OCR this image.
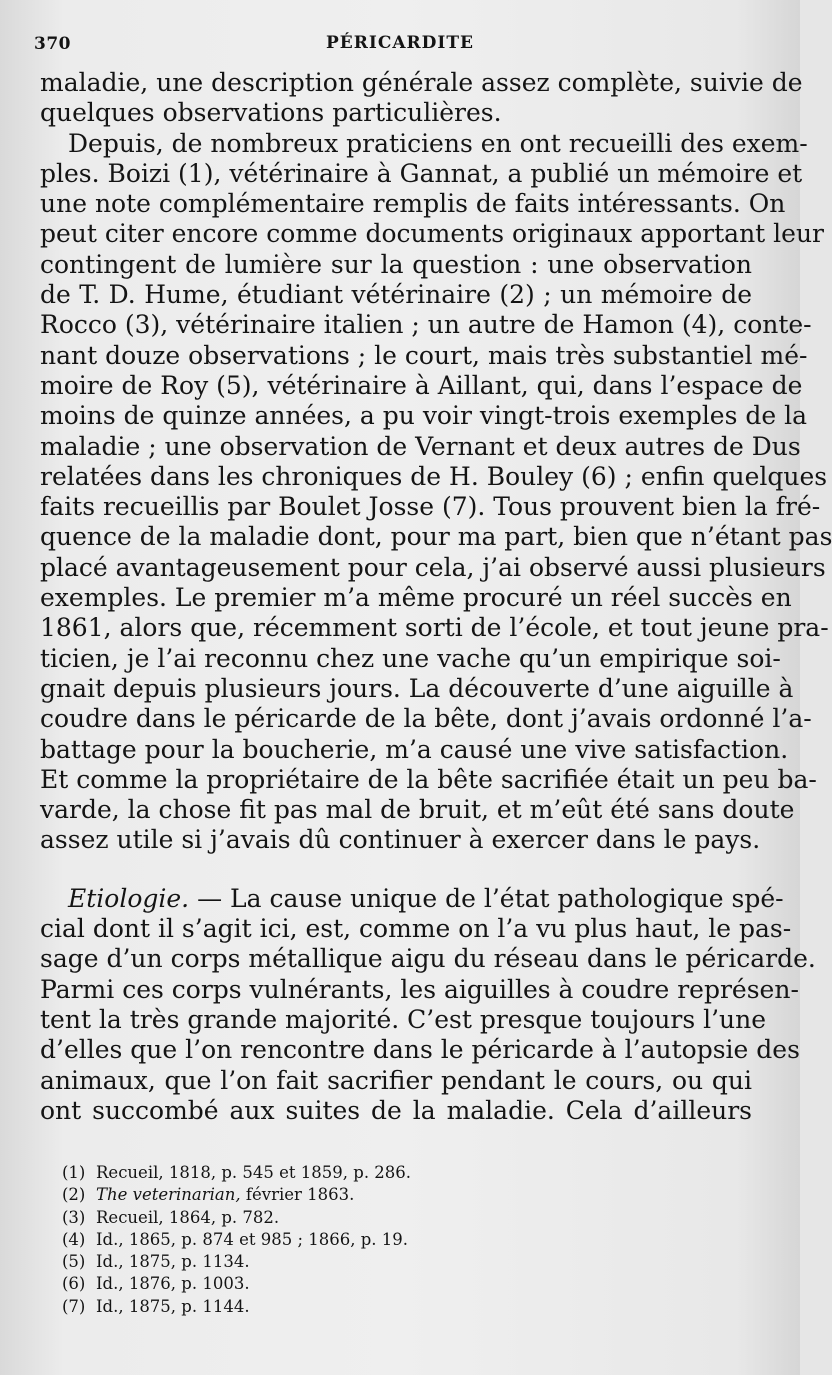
370	PÉRICARDITE
maladie, une description générale assez complète, suivie de
quelques observations particulières.
Depuis, de nombreux praticiens en ont recueilli des exem-
ples. Boizi (1), vétérinaire à Gannat, a publié un mémoire et
une note complémentaire remplis de faits intéressants. On
peut citer encore comme documents originaux apportant leur
contingent de lumière sur la question : une observation
de T. D. Hume, étudiant vétérinaire (2) ; un mémoire de
Rocco (3), vétérinaire italien ; un autre de Hamon (4), conte-
nant douze observations ; le court, mais très substantiel mé-
moire de Roy (5), vétérinaire à Aillant, qui, dans l’espace de
moins de quinze années, a pu voir vingt-trois exemples de la
maladie ; une observation de Vernant et deux autres de Dus
relatées dans les chroniques de H. Bouley (6) ; enfin quelques
faits recueillis par Boulet Josse (7). Tous prouvent bien la fré-
quence de la maladie dont, pour ma part, bien que n’étant pas
placé avantageusement pour cela, j’ai observé aussi plusieurs
exemples. Le premier m’a même procuré un réel succès en
1861, alors que, récemment sorti de l’école, et tout jeune pra-
ticien, je l’ai reconnu chez une vache qu’un empirique soi-
gnait depuis plusieurs jours. La découverte d’une aiguille à
coudre dans le péricarde de la bête, dont j’avais ordonné l’a-
battage pour la boucherie, m’a causé une vive satisfaction.
Et comme la propriétaire de la bête sacrifiée était un peu ba-
varde, la chose fit pas mal de bruit, et m’eût été sans doute
assez utile si j’avais dû continuer à exercer dans le pays.
Etiologie. — La cause unique de l’état pathologique spé-
cial dont il s’agit ici, est, comme on l’a vu plus haut, le pas-
sage d’un corps métallique aigu du réseau dans le péricarde.
Parmi ces corps vulnérants, les aiguilles à coudre représen-
tent la très grande majorité. C’est presque toujours l’une
d’elles que l’on rencontre dans le péricarde à l’autopsie des
animaux, que l’on fait sacrifier pendant le cours, ou qui
ont succombé aux suites de la maladie. Cela d’ailleurs
(1) Recueil, 1818, p. 545 et 1859, p. 286.
(2) The veterinarian, février 1863.
(3) Recueil, 1864, p. 782.
(4) Id., 1865, p. 874 et 985 ; 1866, p. 19.
(5) Id., 1875, p. 1134.
(6) Id., 1876, p. 1003.
(7) Id., 1875, p. 1144.
